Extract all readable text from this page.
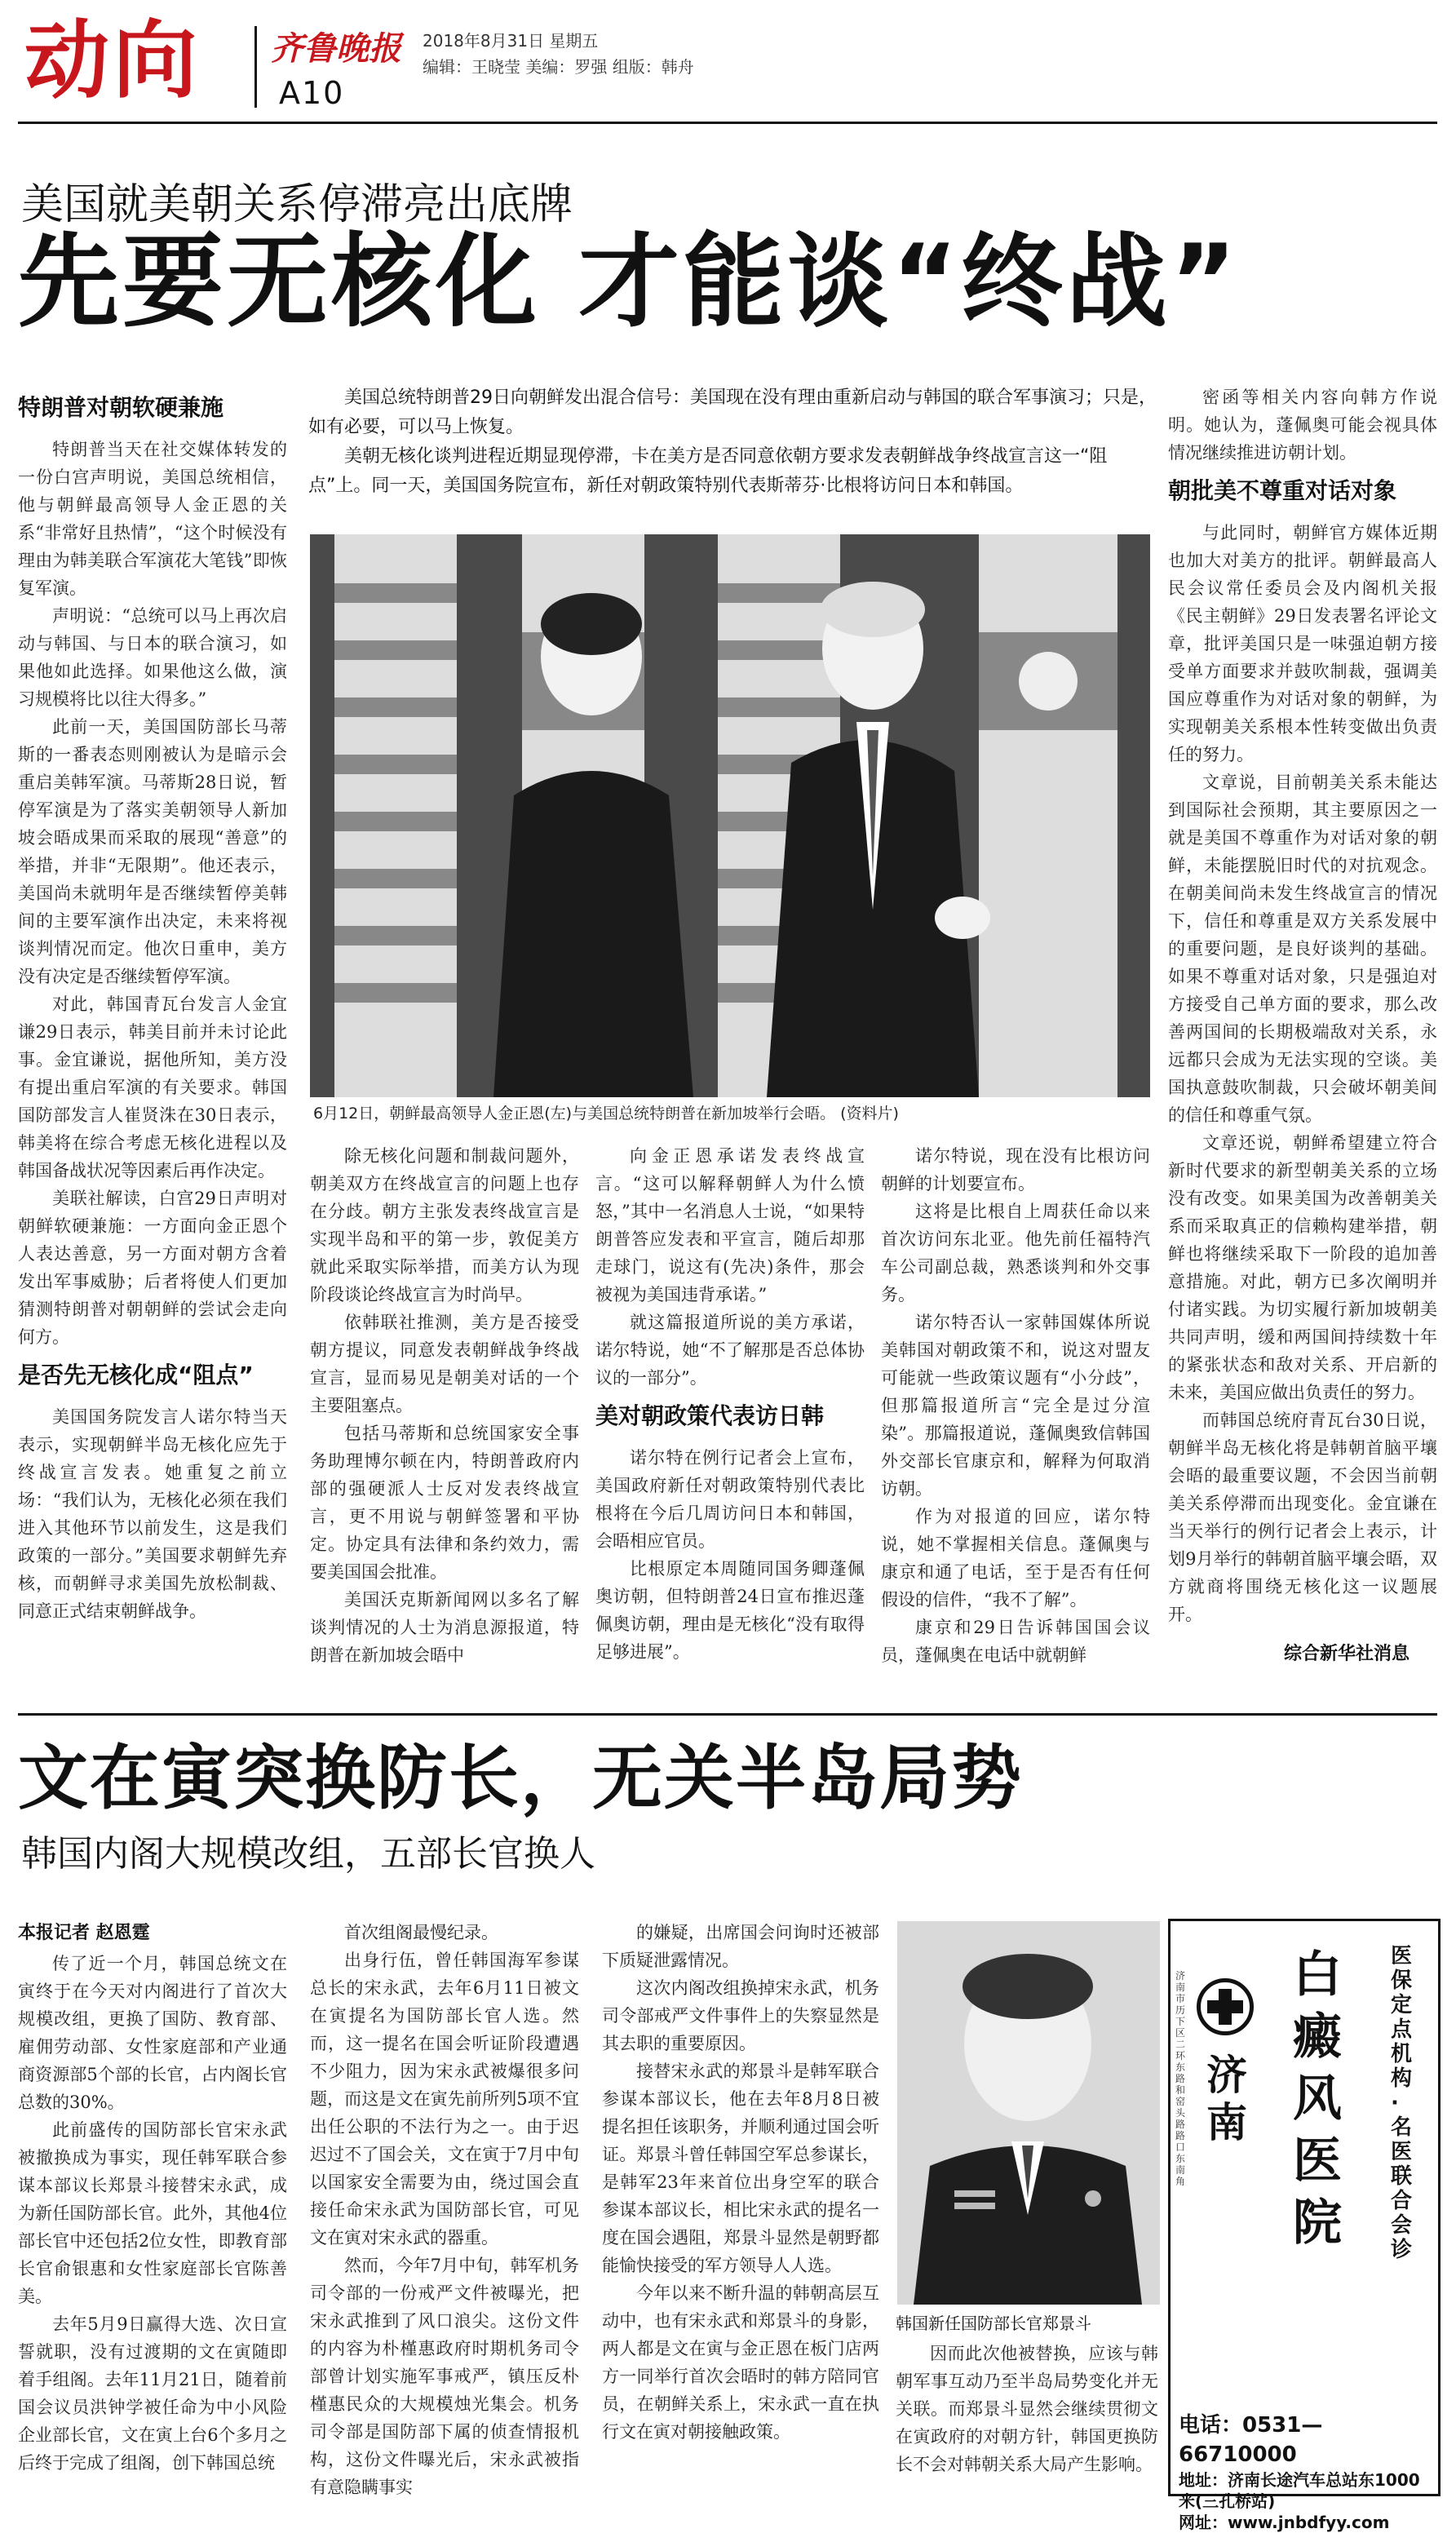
动向 齐鲁晚报
A10
2018年8月31日 星期五
编辑：王晓莹 美编：罗强 组版：韩舟
美国就美朝关系停滞亮出底牌
先要无核化 才能谈“终战”

美国总统特朗普29日向朝鲜发出混合信号：美国现在没有理由重新启动与韩国的联合军事演习；只是，如有必要，可以马上恢复。

美朝无核化谈判进程近期显现停滞，卡在美方是否同意依朝方要求发表朝鲜战争终战宣言这一“阻点”上。同一天，美国国务院宣布，新任对朝政策特别代表斯蒂芬·比根将访问日本和韩国。

特朗普对朝软硬兼施

特朗普当天在社交媒体转发的一份白宫声明说，美国总统相信，他与朝鲜最高领导人金正恩的关系“非常好且热情”，“这个时候没有理由为韩美联合军演花大笔钱”即恢复军演。

声明说：“总统可以马上再次启动与韩国、与日本的联合演习，如果他如此选择。如果他这么做，演习规模将比以往大得多。”

此前一天，美国国防部长马蒂斯的一番表态则刚被认为是暗示会重启美韩军演。马蒂斯28日说，暂停军演是为了落实美朝领导人新加坡会晤成果而采取的展现“善意”的举措，并非“无限期”。他还表示，美国尚未就明年是否继续暂停美韩间的主要军演作出决定，未来将视谈判情况而定。他次日重申，美方没有决定是否继续暂停军演。

对此，韩国青瓦台发言人金宜谦29日表示，韩美目前并未讨论此事。金宜谦说，据他所知，美方没有提出重启军演的有关要求。韩国国防部发言人崔贤洙在30日表示，韩美将在综合考虑无核化进程以及韩国备战状况等因素后再作决定。

美联社解读，白宫29日声明对朝鲜软硬兼施：一方面向金正恩个人表达善意，另一方面对朝方含着发出军事威胁；后者将使人们更加猜测特朗普对朝朝鲜的尝试会走向何方。

是否先无核化成“阻点”

美国国务院发言人诺尔特当天表示，实现朝鲜半岛无核化应先于终战宣言发表。她重复之前立场：“我们认为，无核化必须在我们进入其他环节以前发生，这是我们政策的一部分。”美国要求朝鲜先弃核，而朝鲜寻求美国先放松制裁、同意正式结束朝鲜战争。

6月12日，朝鲜最高领导人金正恩(左)与美国总统特朗普在新加坡举行会晤。 (资料片)

除无核化问题和制裁问题外，朝美双方在终战宣言的问题上也存在分歧。朝方主张发表终战宣言是实现半岛和平的第一步，敦促美方就此采取实际举措，而美方认为现阶段谈论终战宣言为时尚早。

依韩联社推测，美方是否接受朝方提议，同意发表朝鲜战争终战宣言，显而易见是朝美对话的一个主要阻塞点。

包括马蒂斯和总统国家安全事务助理博尔顿在内，特朗普政府内部的强硬派人士反对发表终战宣言，更不用说与朝鲜签署和平协定。协定具有法律和条约效力，需要美国国会批准。

美国沃克斯新闻网以多名了解谈判情况的人士为消息源报道，特朗普在新加坡会晤中

向金正恩承诺发表终战宣言。“这可以解释朝鲜人为什么愤怒，”其中一名消息人士说，“如果特朗普答应发表和平宣言，随后却那走球门，说这有(先决)条件，那会被视为美国违背承诺。”

就这篇报道所说的美方承诺，诺尔特说，她“不了解那是否总体协议的一部分”。

美对朝政策代表访日韩

诺尔特在例行记者会上宣布，美国政府新任对朝政策特别代表比根将在今后几周访问日本和韩国，会晤相应官员。

比根原定本周随同国务卿蓬佩奥访朝，但特朗普24日宣布推迟蓬佩奥访朝，理由是无核化“没有取得足够进展”。

诺尔特说，现在没有比根访问朝鲜的计划要宣布。

这将是比根自上周获任命以来首次访问东北亚。他先前任福特汽车公司副总裁，熟悉谈判和外交事务。

诺尔特否认一家韩国媒体所说美韩国对朝政策不和，说这对盟友可能就一些政策议题有“小分歧”，但那篇报道所言“完全是过分渲染”。那篇报道说，蓬佩奥致信韩国外交部长官康京和，解释为何取消访朝。

作为对报道的回应，诺尔特说，她不掌握相关信息。蓬佩奥与康京和通了电话，至于是否有任何假设的信件，“我不了解”。

康京和29日告诉韩国国会议员，蓬佩奥在电话中就朝鲜

密函等相关内容向韩方作说明。她认为，蓬佩奥可能会视具体情况继续推进访朝计划。

朝批美不尊重对话对象

与此同时，朝鲜官方媒体近期也加大对美方的批评。朝鲜最高人民会议常任委员会及内阁机关报《民主朝鲜》29日发表署名评论文章，批评美国只是一味强迫朝方接受单方面要求并鼓吹制裁，强调美国应尊重作为对话对象的朝鲜，为实现朝美关系根本性转变做出负责任的努力。

文章说，目前朝美关系未能达到国际社会预期，其主要原因之一就是美国不尊重作为对话对象的朝鲜，未能摆脱旧时代的对抗观念。在朝美间尚未发生终战宣言的情况下，信任和尊重是双方关系发展中的重要问题，是良好谈判的基础。如果不尊重对话对象，只是强迫对方接受自己单方面的要求，那么改善两国间的长期极端敌对关系，永远都只会成为无法实现的空谈。美国执意鼓吹制裁，只会破坏朝美间的信任和尊重气氛。

文章还说，朝鲜希望建立符合新时代要求的新型朝美关系的立场没有改变。如果美国为改善朝美关系而采取真正的信赖构建举措，朝鲜也将继续采取下一阶段的追加善意措施。对此，朝方已多次阐明并付诸实践。为切实履行新加坡朝美共同声明，缓和两国间持续数十年的紧张状态和敌对关系、开启新的未来，美国应做出负责任的努力。

而韩国总统府青瓦台30日说，朝鲜半岛无核化将是韩朝首脑平壤会晤的最重要议题，不会因当前朝美关系停滞而出现变化。金宜谦在当天举行的例行记者会上表示，计划9月举行的韩朝首脑平壤会晤，双方就商将围绕无核化这一议题展开。

综合新华社消息
文在寅突换防长，无关半岛局势
韩国内阁大规模改组，五部长官换人
本报记者 赵恩霆

传了近一个月，韩国总统文在寅终于在今天对内阁进行了首次大规模改组，更换了国防、教育部、雇佣劳动部、女性家庭部和产业通商资源部5个部的长官，占内阁长官总数的30%。

此前盛传的国防部长官宋永武被撤换成为事实，现任韩军联合参谋本部议长郑景斗接替宋永武，成为新任国防部长官。此外，其他4位部长官中还包括2位女性，即教育部长官俞银惠和女性家庭部长官陈善美。

去年5月9日赢得大选、次日宣誓就职，没有过渡期的文在寅随即着手组阁。去年11月21日，随着前国会议员洪钟学被任命为中小风险企业部长官，文在寅上台6个多月之后终于完成了组阁，创下韩国总统

首次组阁最慢纪录。

出身行伍，曾任韩国海军参谋总长的宋永武，去年6月11日被文在寅提名为国防部长官人选。然而，这一提名在国会听证阶段遭遇不少阻力，因为宋永武被爆很多问题，而这是文在寅先前所列5项不宜出任公职的不法行为之一。由于迟迟过不了国会关，文在寅于7月中旬以国家安全需要为由，绕过国会直接任命宋永武为国防部长官，可见文在寅对宋永武的器重。

然而，今年7月中旬，韩军机务司令部的一份戒严文件被曝光，把宋永武推到了风口浪尖。这份文件的内容为朴槿惠政府时期机务司令部曾计划实施军事戒严，镇压反朴槿惠民众的大规模烛光集会。机务司令部是国防部下属的侦查情报机构，这份文件曝光后，宋永武被指有意隐瞒事实

的嫌疑，出席国会问询时还被部下质疑泄露情况。

这次内阁改组换掉宋永武，机务司令部戒严文件事件上的失察显然是其去职的重要原因。

接替宋永武的郑景斗是韩军联合参谋本部议长，他在去年8月8日被提名担任该职务，并顺利通过国会听证。郑景斗曾任韩国空军总参谋长，是韩军23年来首位出身空军的联合参谋本部议长，相比宋永武的提名一度在国会遇阻，郑景斗显然是朝野都能愉快接受的军方领导人人选。

今年以来不断升温的韩朝高层互动中，也有宋永武和郑景斗的身影，两人都是文在寅与金正恩在板门店两方一同举行首次会晤时的韩方陪同官员，在朝鲜关系上，宋永武一直在执行文在寅对朝接触政策。

韩国新任国防部长官郑景斗

因而此次他被替换，应该与韩朝军事互动乃至半岛局势变化并无关联。而郑景斗显然会继续贯彻文在寅政府的对朝方针，韩国更换防长不会对韩朝关系大局产生影响。

济南市历下区二环东路和窑头路路口东南角
济南
白癜风医院
医保定点机构·名医联合会诊
电话：0531—66710000
地址：济南长途汽车总站东1000米(三孔桥站)
网址：www.jnbdfyy.com
